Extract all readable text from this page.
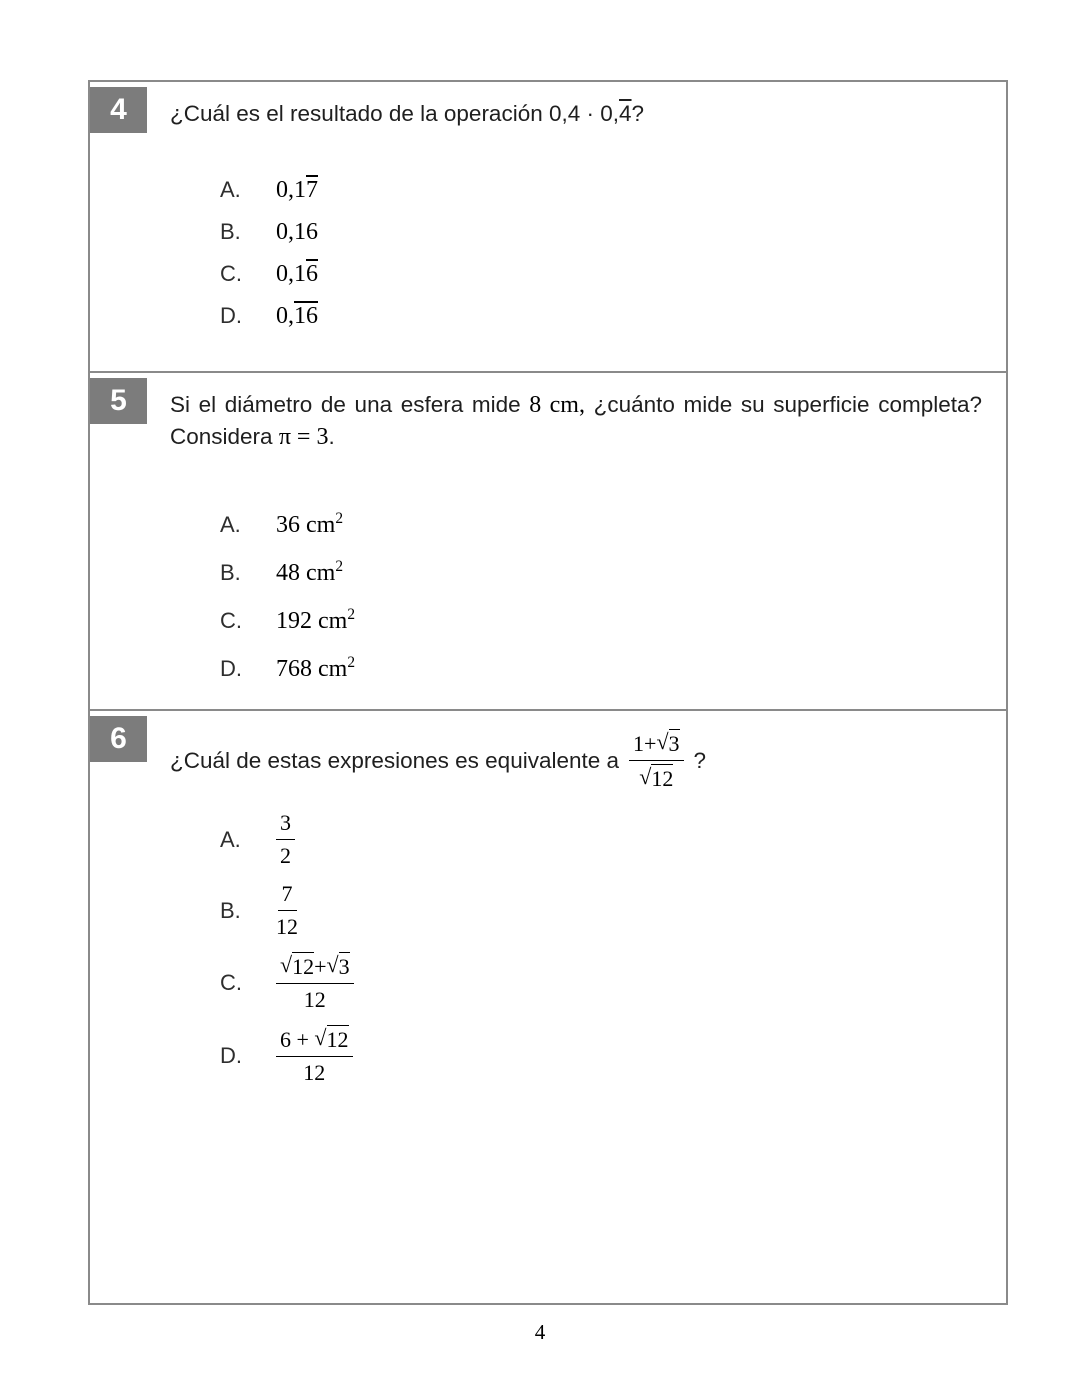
4	¿Cuál es el resultado de la operación 0,4 · 0,4?

A.	0,17
B.	0,16
C.	0,16
D.	0,16
5	Si el diámetro de una esfera mide 8 cm, ¿cuánto mide su superficie completa? Considera π = 3.

A.	36 $cm^2$
B.	48 $cm^2$
C.	192 $cm^2$
D.	768 $cm^2$
6
¿Cuál de estas expresiones es equivalente a $\frac{1+ √ 3}{√ 12}$ ?
A.	$\frac{3}{2}$
B.	$\frac{7}{12}$
C.	$\frac{√ 12 + √ 3}{12}$
D.	$\frac{6 + √ 12}{12}$
4
